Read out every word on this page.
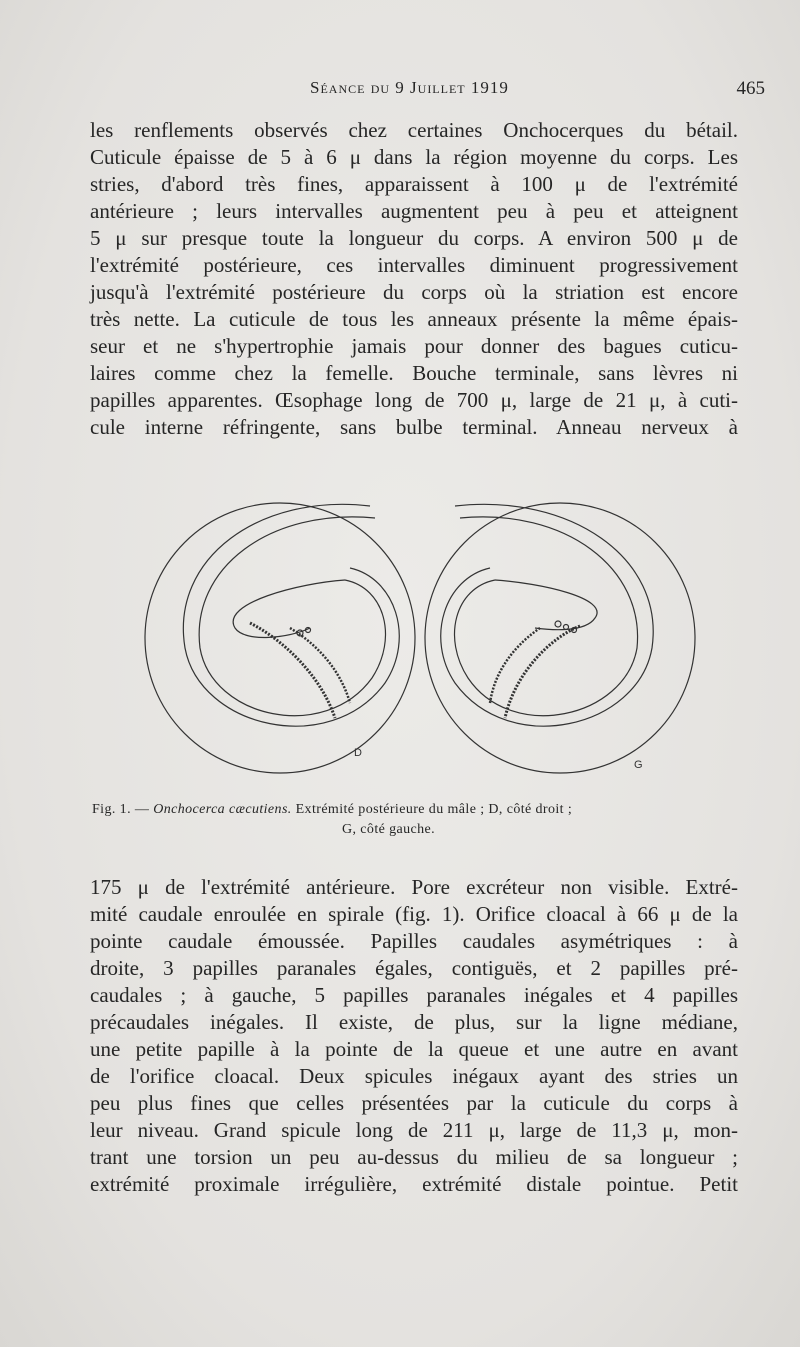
Séance du 9 Juillet 1919	465
les renflements observés chez certaines Onchocerques du bétail.
Cuticule épaisse de 5 à 6 μ dans la région moyenne du corps. Les
stries, d'abord très fines, apparaissent à 100 μ de l'extrémité
antérieure ; leurs intervalles augmentent peu à peu et atteignent
5 μ sur presque toute la longueur du corps. A environ 500 μ de
l'extrémité postérieure, ces intervalles diminuent progressivement
jusqu'à l'extrémité postérieure du corps où la striation est encore
très nette. La cuticule de tous les anneaux présente la même épais-
seur et ne s'hypertrophie jamais pour donner des bagues cuticu-
laires comme chez la femelle. Bouche terminale, sans lèvres ni
papilles apparentes. Œsophage long de 700 μ, large de 21 μ, à cuti-
cule interne réfringente, sans bulbe terminal. Anneau nerveux à
D
G
Fig. 1. — Onchocerca cæcutiens. Extrémité postérieure du mâle ; D, côté droit ;
G, côté gauche.
175 μ de l'extrémité antérieure. Pore excréteur non visible. Extré-
mité caudale enroulée en spirale (fig. 1). Orifice cloacal à 66 μ de la
pointe caudale émoussée. Papilles caudales asymétriques : à
droite, 3 papilles paranales égales, contiguës, et 2 papilles pré-
caudales ; à gauche, 5 papilles paranales inégales et 4 papilles
précaudales inégales. Il existe, de plus, sur la ligne médiane,
une petite papille à la pointe de la queue et une autre en avant
de l'orifice cloacal. Deux spicules inégaux ayant des stries un
peu plus fines que celles présentées par la cuticule du corps à
leur niveau. Grand spicule long de 211 μ, large de 11,3 μ, mon-
trant une torsion un peu au-dessus du milieu de sa longueur ;
extrémité proximale irrégulière, extrémité distale pointue. Petit
